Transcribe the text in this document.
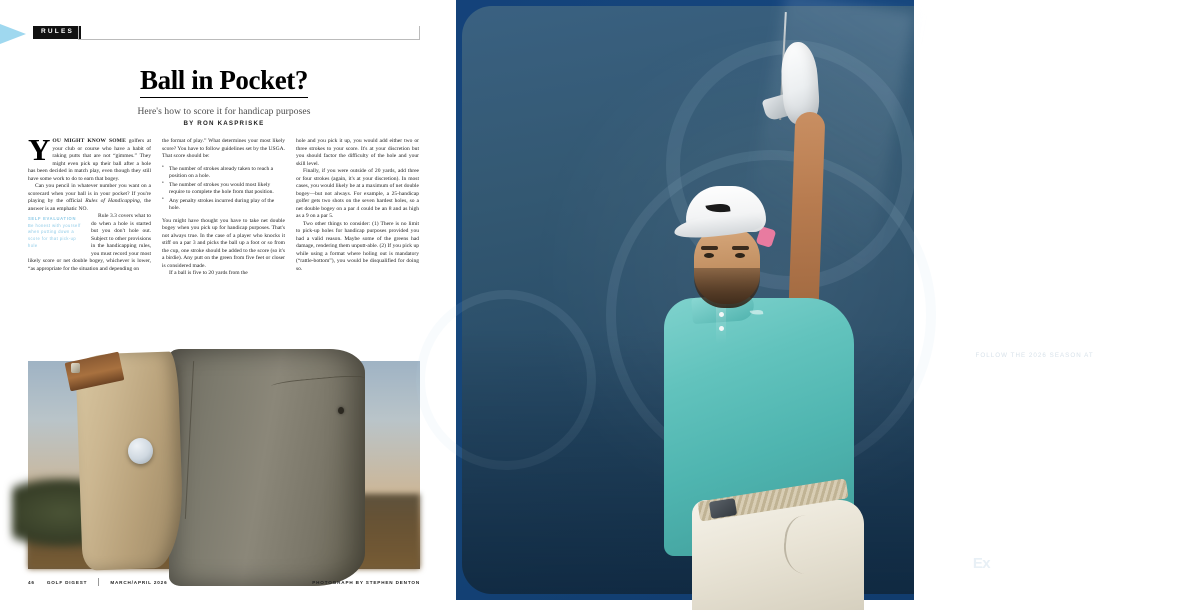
RULES
Ball in Pocket?
Here's how to score it for handicap purposes
BY RON KASPRISKE

YOU MIGHT KNOW SOME golfers at your club or course who have a habit of raking putts that are not “gimmes.” They might even pick up their ball after a hole has been decided in match play, even though they still have some work to do to earn that bogey.

Can you pencil in whatever number you want on a scorecard when your ball is in your pocket? If you're playing by the official Rules of Handicapping, the answer is an emphatic NO.

SELF EVALUATION
Be honest with yourself when putting down a score for that pick-up hole

Rule 3.3 covers what to do when a hole is started but you don't hole out. Subject to other provisions in the handicapping rules, you must record your most likely score or net double bogey, whichever is lower, “as appropriate for the situation and depending on

the format of play.” What determines your most likely score? You have to follow guidelines set by the USGA. That score should be:

• The number of strokes already taken to reach a position on a hole.
• The number of strokes you would most likely require to complete the hole from that position.
• Any penalty strokes incurred during play of the hole.

You might have thought you have to take net double bogey when you pick up for handicap purposes. That's not always true. In the case of a player who knocks it stiff on a par 3 and picks the ball up a foot or so from the cup, one stroke should be added to the score (so it's a birdie). Any putt on the green from five feet or closer is considered made.

If a ball is five to 20 yards from the

hole and you pick it up, you would add either two or three strokes to your score. It's at your discretion but you should factor the difficulty of the hole and your skill level.

Finally, if you were outside of 20 yards, add three or four strokes (again, it's at your discretion). In most cases, you would likely be at a maximum of net double bogey—but not always. For example, a 25-handicap golfer gets two shots on the seven hardest holes, so a net double bogey on a par 4 could be an 8 and as high as a 9 on a par 5.

Two other things to consider: (1) There is no limit to pick-up holes for handicap purposes provided you had a valid reason. Maybe some of the greens had damage, rendering them unputt-able. (2) If you pick up while using a format where holing out is mandatory (“rattle-bottom”), you would be disqualified for doing so.

46	GOLF DIGEST	MARCH/APRIL 2026	PHOTOGRAPH BY STEPHEN DENTON
P
G
A
T
O
WHERE THE BEST BELONG
FOLLOW THE 2026 SEASON AT PGATOUR.COM
Fed Ex
